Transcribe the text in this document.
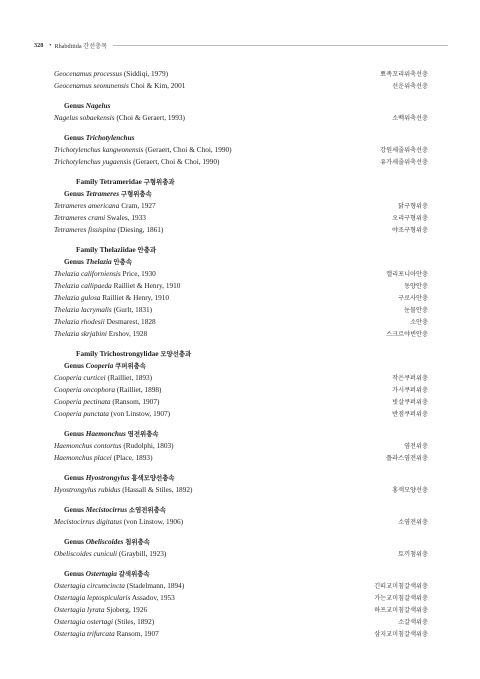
328 • Rhabditida 간선충목
Geocenamus processus (Siddiqi, 1979)	뾰족꼬리위축선충
Geocenamus seonunensis Choi & Kim, 2001	선운위축선충
Genus Nagelus
Nagelus sobaekensis (Choi & Geraert, 1993)	소백위축선충
Genus Trichotylenchus
Trichotylenchus kangwonensis (Geraert, Choi & Choi, 1990)	강원세줄위축선충
Trichotylenchus yugaensis (Geraert, Choi & Choi, 1990)	유가세줄위축선충
Family Tetrameridae 구형위충과
Genus Tetrameres 구형위충속
Tetrameres americana Cram, 1927	닭구형위충
Tetrameres crami Swales, 1933	오리구형위충
Tetrameres fissispina (Diesing, 1861)	야조구형위충
Family Thelaziidae 안충과
Genus Thelazia 안충속
Thelazia californiensis Price, 1930	캘리포니아안충
Thelazia callipaeda Railliet & Henry, 1910	동양안충
Thelazia gulosa Railliet & Henry, 1910	구로사안충
Thelazia lacrymalis (Gurlt, 1831)	눈물안충
Thelazia rhodesii Desmarest, 1828	소안충
Thelazia skrjabini Ershov, 1928	스크르야빈안충
Family Trichostrongylidae 모양선충과
Genus Cooperia 쿠퍼위충속
Cooperia curticei (Railliet, 1893)	작은쿠퍼위충
Cooperia oncophora (Railliet, 1898)	가시쿠퍼위충
Cooperia pectinata (Ransom, 1907)	빗살쿠퍼위충
Cooperia punctata (von Linstow, 1907)	반점쿠퍼위충
Genus Haemonchus 염전위충속
Haemonchus contortus (Rudolphi, 1803)	염전위충
Haemonchus placei (Place, 1893)	플라스염전위충
Genus Hyostrongylus 홍색모양선충속
Hyostrongylus rubidus (Hassall & Stiles, 1892)	홍색모양선충
Genus Mecistocirrus 소염전위충속
Mecistocirrus digitatus (von Linstow, 1906)	소염전위충
Genus Obeliscoides 첨위충속
Obeliscoides cuniculi (Graybill, 1923)	토끼첨위충
Genus Ostertagia 갈색위충속
Ostertagia circumcincta (Stadelmann, 1894)	긴띠교미침갈색위충
Ostertagia leptospicularis Assadov, 1953	가는교미침갈색위충
Ostertagia lyrata Sjoberg, 1926	하프교미침갈색위충
Ostertagia ostertagi (Stiles, 1892)	소갈색위충
Ostertagia trifurcata Ransom, 1907	삼지교미침갈색위충
